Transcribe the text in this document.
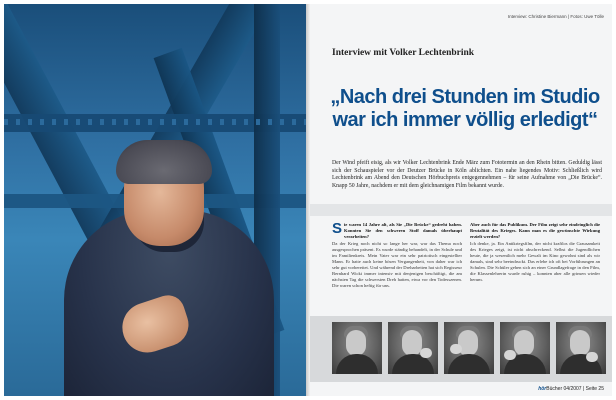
Interview: Christine Biermann | Fotos: Uwe Tölle
Interview mit Volker Lechtenbrink
„Nach drei Stunden im Studio
war ich immer völlig erledigt“
Der Wind pfeift eisig, als wir Volker Lechtenbrink Ende März zum Fototermin an den Rhein bitten. Geduldig lässt sich der Schauspieler vor der Deutzer Brücke in Köln ablichten. Ein nahe liegendes Motiv: Schließlich wird Lechtenbrink am Abend den Deutschen Hörbuchpreis entgegennehmen – für seine Aufnahme von „Die Brücke“. Knapp 50 Jahre, nachdem er mit dem gleichnamigen Film bekannt wurde.
S ie waren 14 Jahre alt, als Sie „Die Brücke“ gedreht haben. Konnten Sie den schweren Stoff damals überhaupt verarbeiten?
Da der Krieg noch nicht so lange her war, war das Thema noch ausgesprochen präsent. Es wurde ständig behandelt, in der Schule und im Familienkreis. Mein Vater war ein sehr patriotisch eingestellter Mann. Er hatte auch keine bösen Vergangenheit, von daher war ich sehr gut vorbereitet. Und während der Dreharbeiten hat sich Regisseur Bernhard Wicki immer intensiv mit denjenigen beschäftigt, die am nächsten Tag die schwersten Dreh hatten, etwa vor den Todesszenen. Die waren schon heftig für uns.
Aber auch für das Publikum. Der Film zeigt sehr eindringlich die Brutalität des Krieges. Kann man es die gewünschte Wirkung erzielt werden?
Ich denke, ja. Ein Antikriegsfilm, der nicht kraftlos die Grausamkeit des Krieges zeigt, ist nicht abschreckend. Selbst die Jugendlichen heute, die ja wesentlich mehr Gewalt im Kino gewohnt sind als wir damals, sind sehr beeindruckt. Das erlebe ich oft bei Vorführungen an Schulen. Die Schüler gehen sich an einer Grundlagefrage in den Film, die Klassenlehrerin wurde ruhig – konnten aber alle grinsen wieder herum.
hörBücher 04/2007 | Seite 25
